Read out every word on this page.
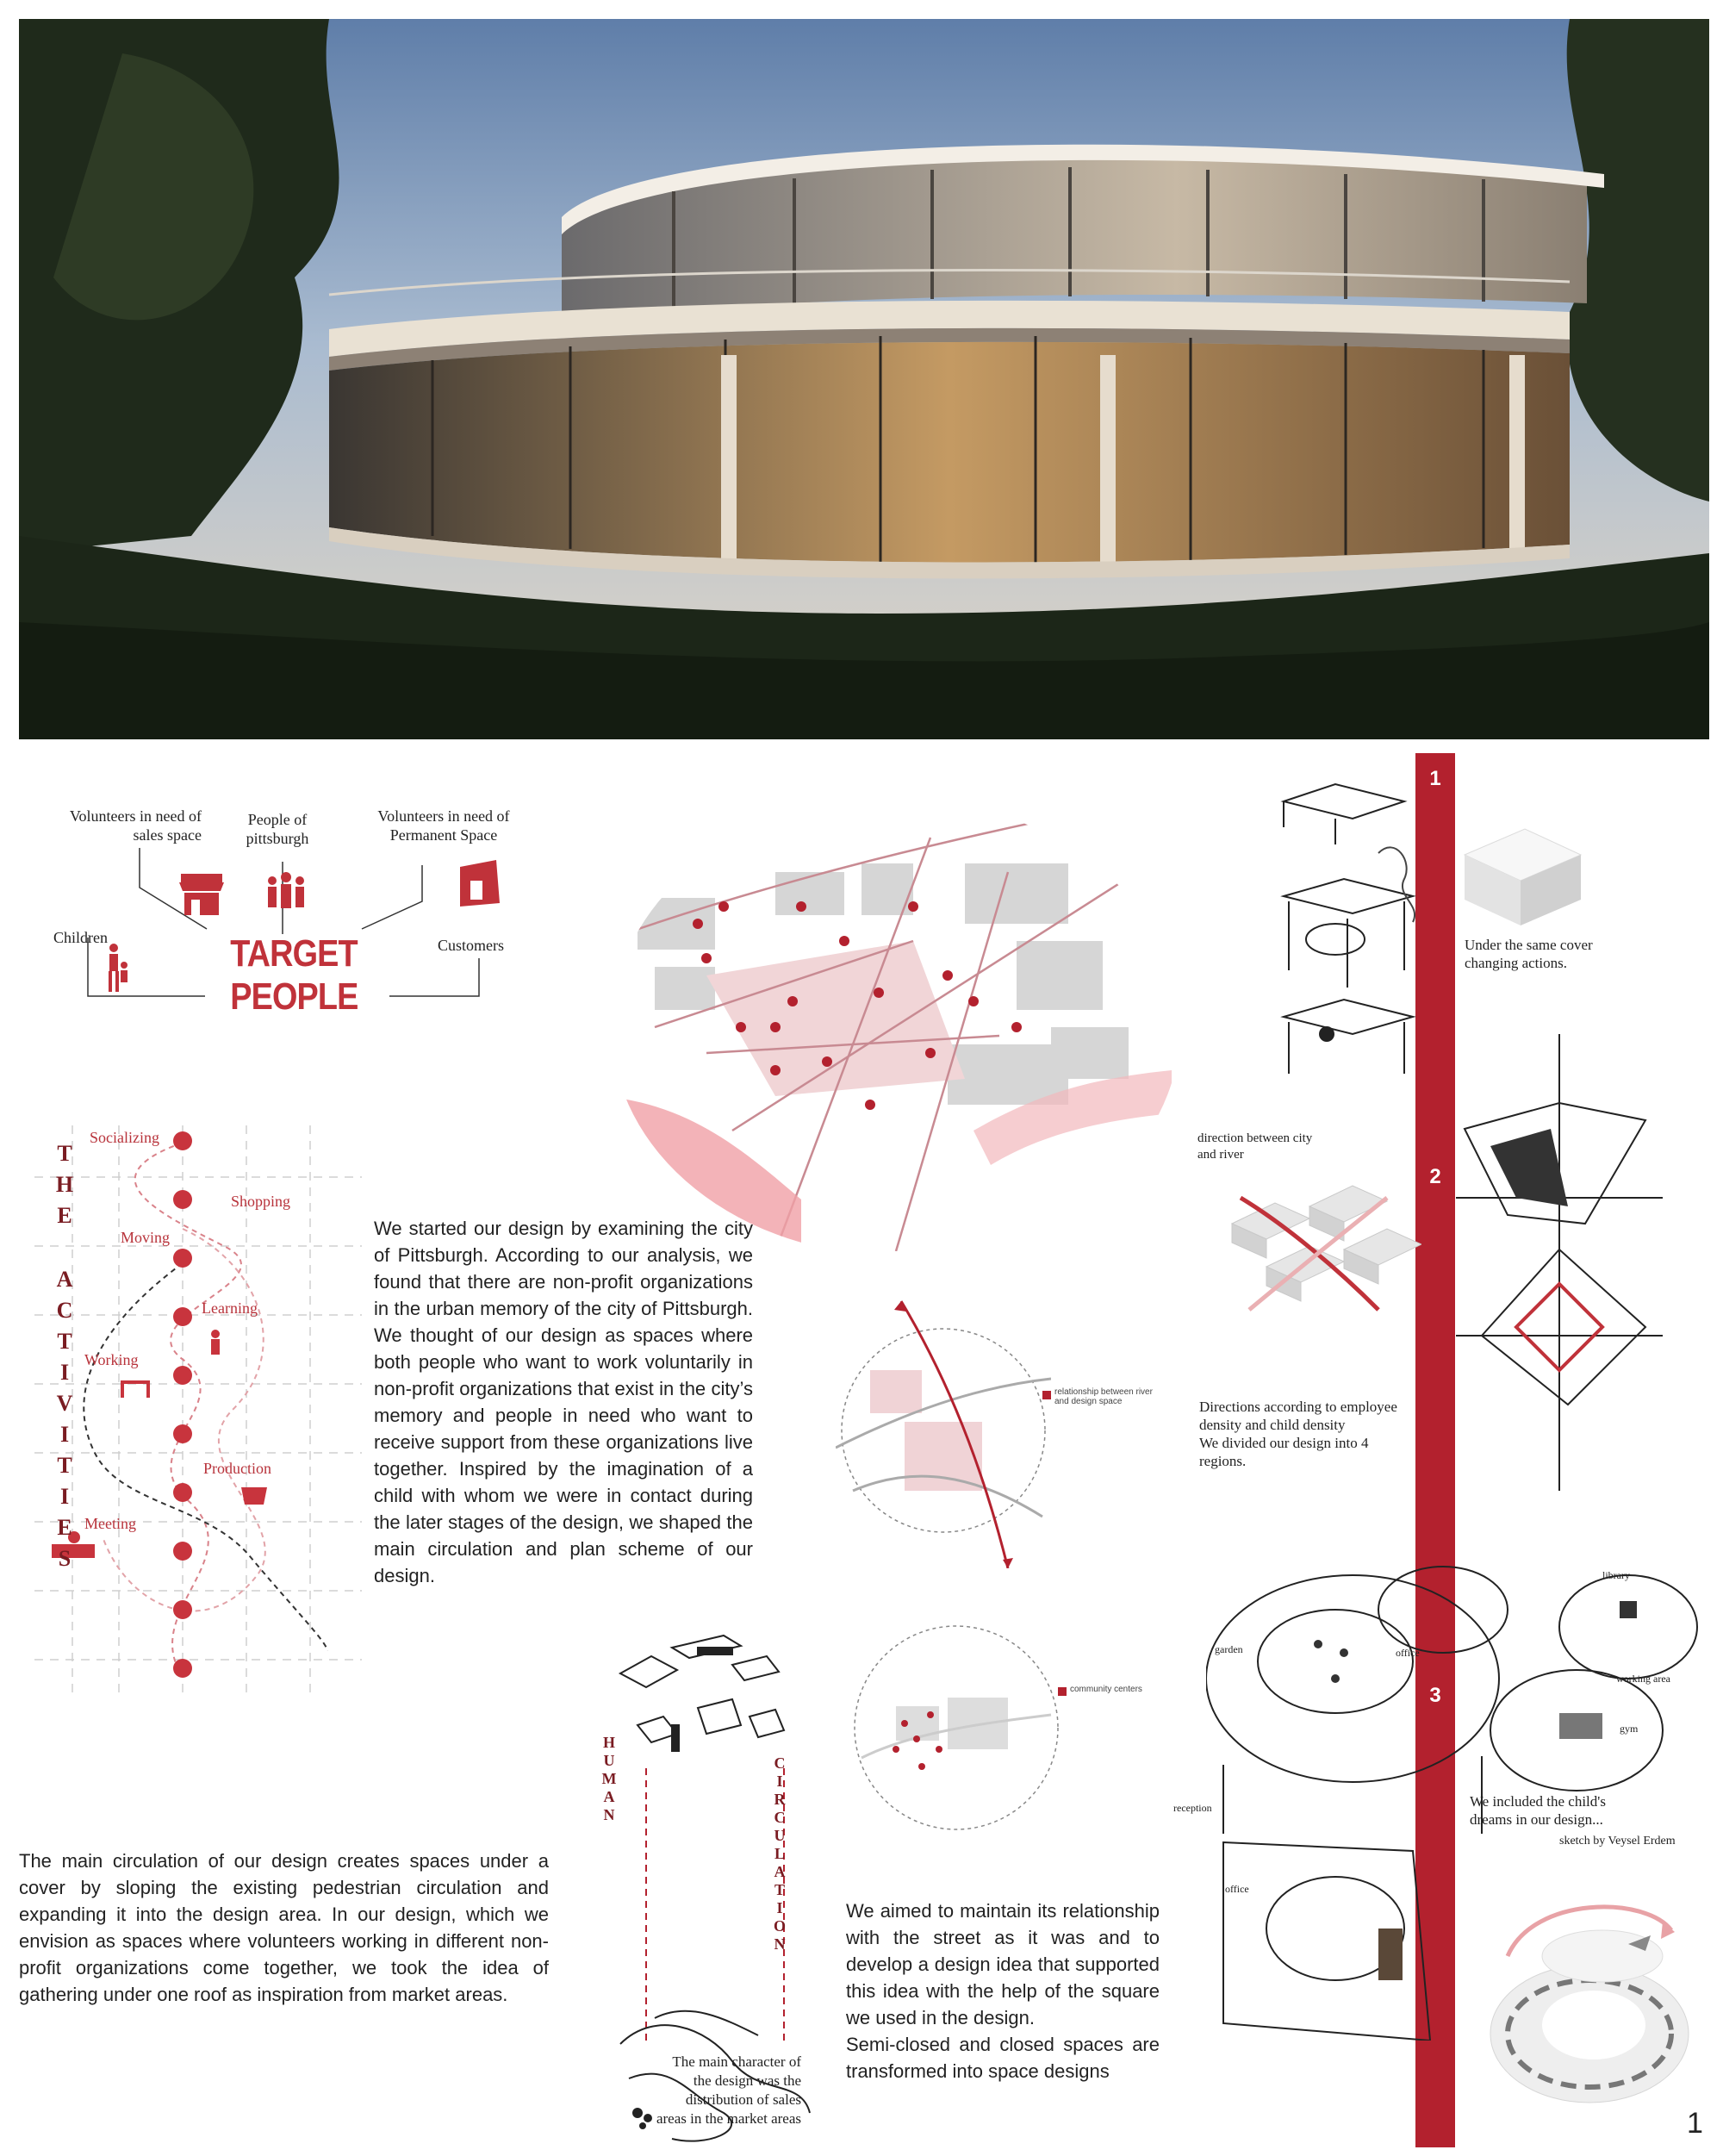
Volunteers in need of sales space
People of pittsburgh
Volunteers in need of Permanent Space
Children	Customers
TARGET
PEOPLE
T
H
E
A
C
T
I
V
I
T
I
E
S
Socializing
Shopping
Moving
Learning
Working
Production
Meeting
We started our design by examining the city of Pittsburgh. According to our analysis, we found that there are non-profit organizations in the urban memory of the city of Pittsburgh. We thought of our design as spaces where both people who want to work voluntarily in non-profit organizations that exist in the city’s memory and people in need who want to receive support from these organizations live together. Inspired by the imagination of a child with whom we were in contact during the later stages of the design, we shaped the main circulation and plan scheme of our design.
relationship between river and design space
community centers
H
U
M
A
N
C
I
R
C
U
L
A
T
I
O
N
The main character of the design was the distribution of sales areas in the market areas
The main circulation of our design creates spaces under a cover by sloping the existing pedestrian circulation and expanding it into the design area. In our design, which we envision as spaces where volunteers working in different non-profit organizations come together, we took the idea of gathering under one roof as inspiration from market areas.
We aimed to maintain its relationship with the street as it was and to develop a design idea that supported this idea with the help of the square we used in the design.
Semi-closed and closed spaces are transformed into space designs
1
2
3
Under the same cover changing actions.
direction between city and river
Directions according to employee density and child density
We divided our design into 4 regions.
library
working area
gym
garden	office
reception
office
We included the child's dreams in our design...
sketch by Veysel Erdem
1
